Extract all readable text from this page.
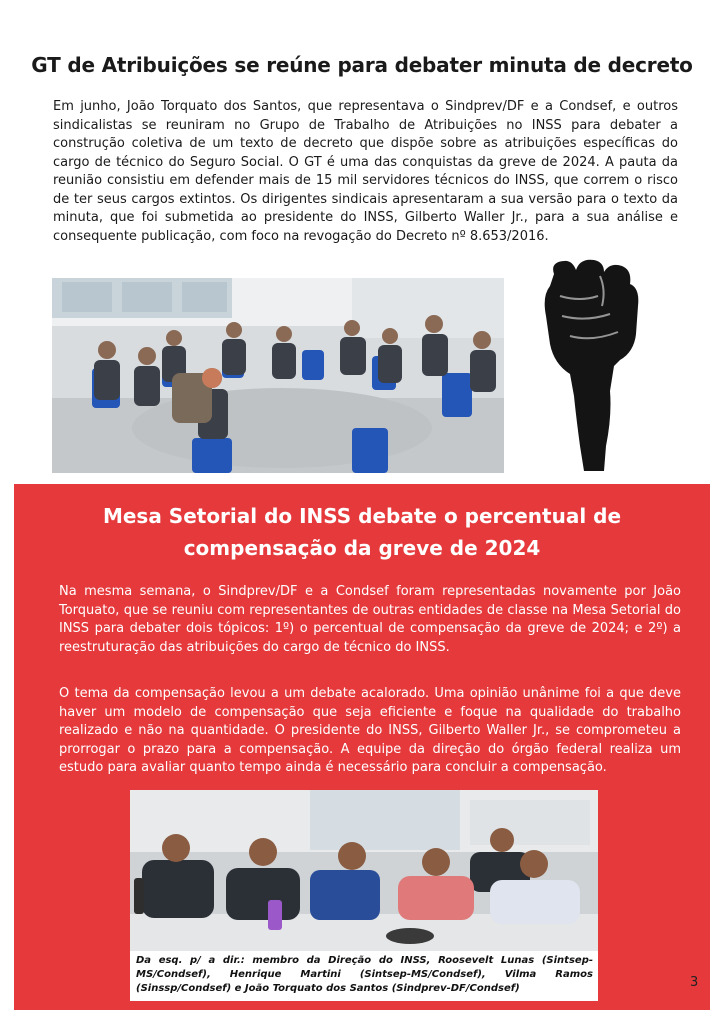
GT de Atribuições se reúne para debater minuta de decreto

Em junho, João Torquato dos Santos, que representava o Sindprev/DF e a Condsef, e outros sindicalistas se reuniram no Grupo de Trabalho de Atribuições no INSS para debater a construção coletiva de um texto de decreto que dispõe sobre as atribuições específicas do cargo de técnico do Seguro Social. O GT é uma das conquistas da greve de 2024. A pauta da reunião consistiu em defender mais de 15 mil servidores técnicos do INSS, que correm o risco de ter seus cargos extintos. Os dirigentes sindicais apresentaram a sua versão para o texto da minuta, que foi submetida ao presidente do INSS, Gilberto Waller Jr., para a sua análise e consequente publicação, com foco na revogação do Decreto nº 8.653/2016.

Mesa Setorial do INSS debate o percentual de
compensação da greve de 2024

Na mesma semana, o Sindprev/DF e a Condsef foram representadas novamente por João Torquato, que se reuniu com representantes de outras entidades de classe na Mesa Setorial do INSS para debater dois tópicos: 1º) o percentual de compensação da greve de 2024; e 2º) a reestruturação das atribuições do cargo de técnico do INSS.

O tema da compensação levou a um debate acalorado. Uma opinião unânime foi a que deve haver um modelo de compensação que seja eficiente e foque na qualidade do trabalho realizado e não na quantidade. O presidente do INSS, Gilberto Waller Jr., se comprometeu a prorrogar o prazo para a compensação. A equipe da direção do órgão federal realiza um estudo para avaliar quanto tempo ainda é necessário para concluir a compensação.

Da esq. p/ a dir.: membro da Direção do INSS, Roosevelt Lunas (Sintsep-MS/Condsef), Henrique Martini (Sintsep-MS/Condsef), Vilma Ramos (Sinssp/Condsef) e João Torquato dos Santos (Sindprev-DF/Condsef)	3
